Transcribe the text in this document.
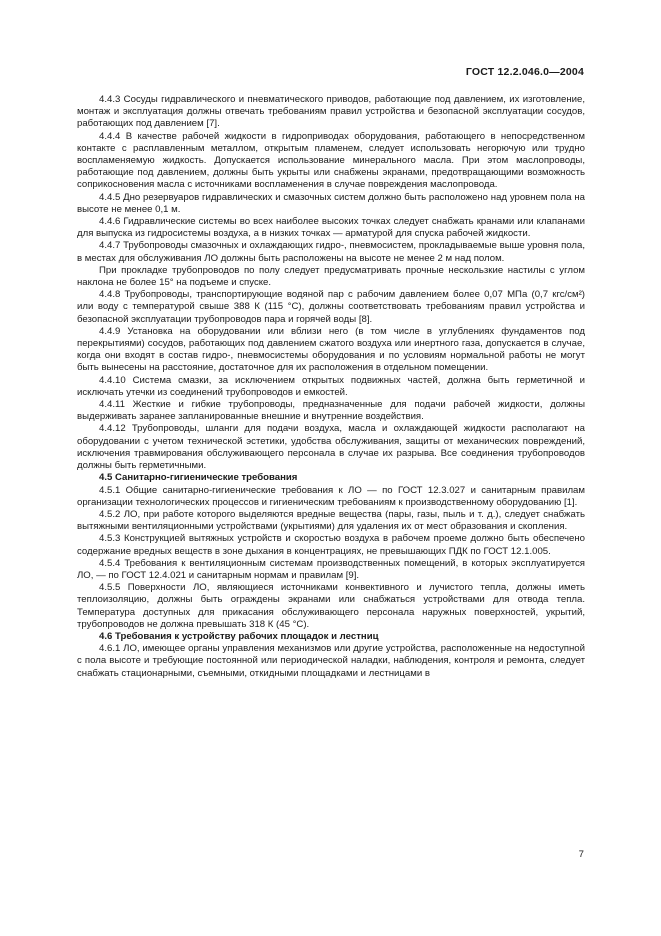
ГОСТ 12.2.046.0—2004

4.4.3 Сосуды гидравлического и пневматического приводов, работающие под давлением, их изготовление, монтаж и эксплуатация должны отвечать требованиям правил устройства и безопасной эксплуатации сосудов, работающих под давлением [7].

4.4.4 В качестве рабочей жидкости в гидроприводах оборудования, работающего в непосредственном контакте с расплавленным металлом, открытым пламенем, следует использовать негорючую или трудно воспламеняемую жидкость. Допускается использование минерального масла. При этом маслопроводы, работающие под давлением, должны быть укрыты или снабжены экранами, предотвращающими возможность соприкосновения масла с источниками воспламенения в случае повреждения маслопровода.

4.4.5 Дно резервуаров гидравлических и смазочных систем должно быть расположено над уровнем пола на высоте не менее 0,1 м.

4.4.6 Гидравлические системы во всех наиболее высоких точках следует снабжать кранами или клапанами для выпуска из гидросистемы воздуха, а в низких точках — арматурой для спуска рабочей жидкости.

4.4.7 Трубопроводы смазочных и охлаждающих гидро-, пневмосистем, прокладываемые выше уровня пола, в местах для обслуживания ЛО должны быть расположены на высоте не менее 2 м над полом.

При прокладке трубопроводов по полу следует предусматривать прочные нескользкие настилы с углом наклона не более 15° на подъеме и спуске.

4.4.8 Трубопроводы, транспортирующие водяной пар с рабочим давлением более 0,07 МПа (0,7 кгс/см²) или воду с температурой свыше 388 К (115 °С), должны соответствовать требованиям правил устройства и безопасной эксплуатации трубопроводов пара и горячей воды [8].

4.4.9 Установка на оборудовании или вблизи него (в том числе в углублениях фундаментов под перекрытиями) сосудов, работающих под давлением сжатого воздуха или инертного газа, допускается в случае, когда они входят в состав гидро-, пневмосистемы оборудования и по условиям нормальной работы не могут быть вынесены на расстояние, достаточное для их расположения в отдельном помещении.

4.4.10 Система смазки, за исключением открытых подвижных частей, должна быть герметичной и исключать утечки из соединений трубопроводов и емкостей.

4.4.11 Жесткие и гибкие трубопроводы, предназначенные для подачи рабочей жидкости, должны выдерживать заранее запланированные внешние и внутренние воздействия.

4.4.12 Трубопроводы, шланги для подачи воздуха, масла и охлаждающей жидкости располагают на оборудовании с учетом технической эстетики, удобства обслуживания, защиты от механических повреждений, исключения травмирования обслуживающего персонала в случае их разрыва. Все соединения трубопроводов должны быть герметичными.

4.5 Санитарно-гигиенические требования

4.5.1 Общие санитарно-гигиенические требования к ЛО — по ГОСТ 12.3.027 и санитарным правилам организации технологических процессов и гигиеническим требованиям к производственному оборудованию [1].

4.5.2 ЛО, при работе которого выделяются вредные вещества (пары, газы, пыль и т. д.), следует снабжать вытяжными вентиляционными устройствами (укрытиями) для удаления их от мест образования и скопления.

4.5.3 Конструкцией вытяжных устройств и скоростью воздуха в рабочем проеме должно быть обеспечено содержание вредных веществ в зоне дыхания в концентрациях, не превышающих ПДК по ГОСТ 12.1.005.

4.5.4 Требования к вентиляционным системам производственных помещений, в которых эксплуатируется ЛО, — по ГОСТ 12.4.021 и санитарным нормам и правилам [9].

4.5.5 Поверхности ЛО, являющиеся источниками конвективного и лучистого тепла, должны иметь теплоизоляцию, должны быть ограждены экранами или снабжаться устройствами для отвода тепла. Температура доступных для прикасания обслуживающего персонала наружных поверхностей, укрытий, трубопроводов не должна превышать 318 К (45 °С).

4.6 Требования к устройству рабочих площадок и лестниц

4.6.1 ЛО, имеющее органы управления механизмов или другие устройства, расположенные на недоступной с пола высоте и требующие постоянной или периодической наладки, наблюдения, контроля и ремонта, следует снабжать стационарными, съемными, откидными площадками и лестницами в

7
